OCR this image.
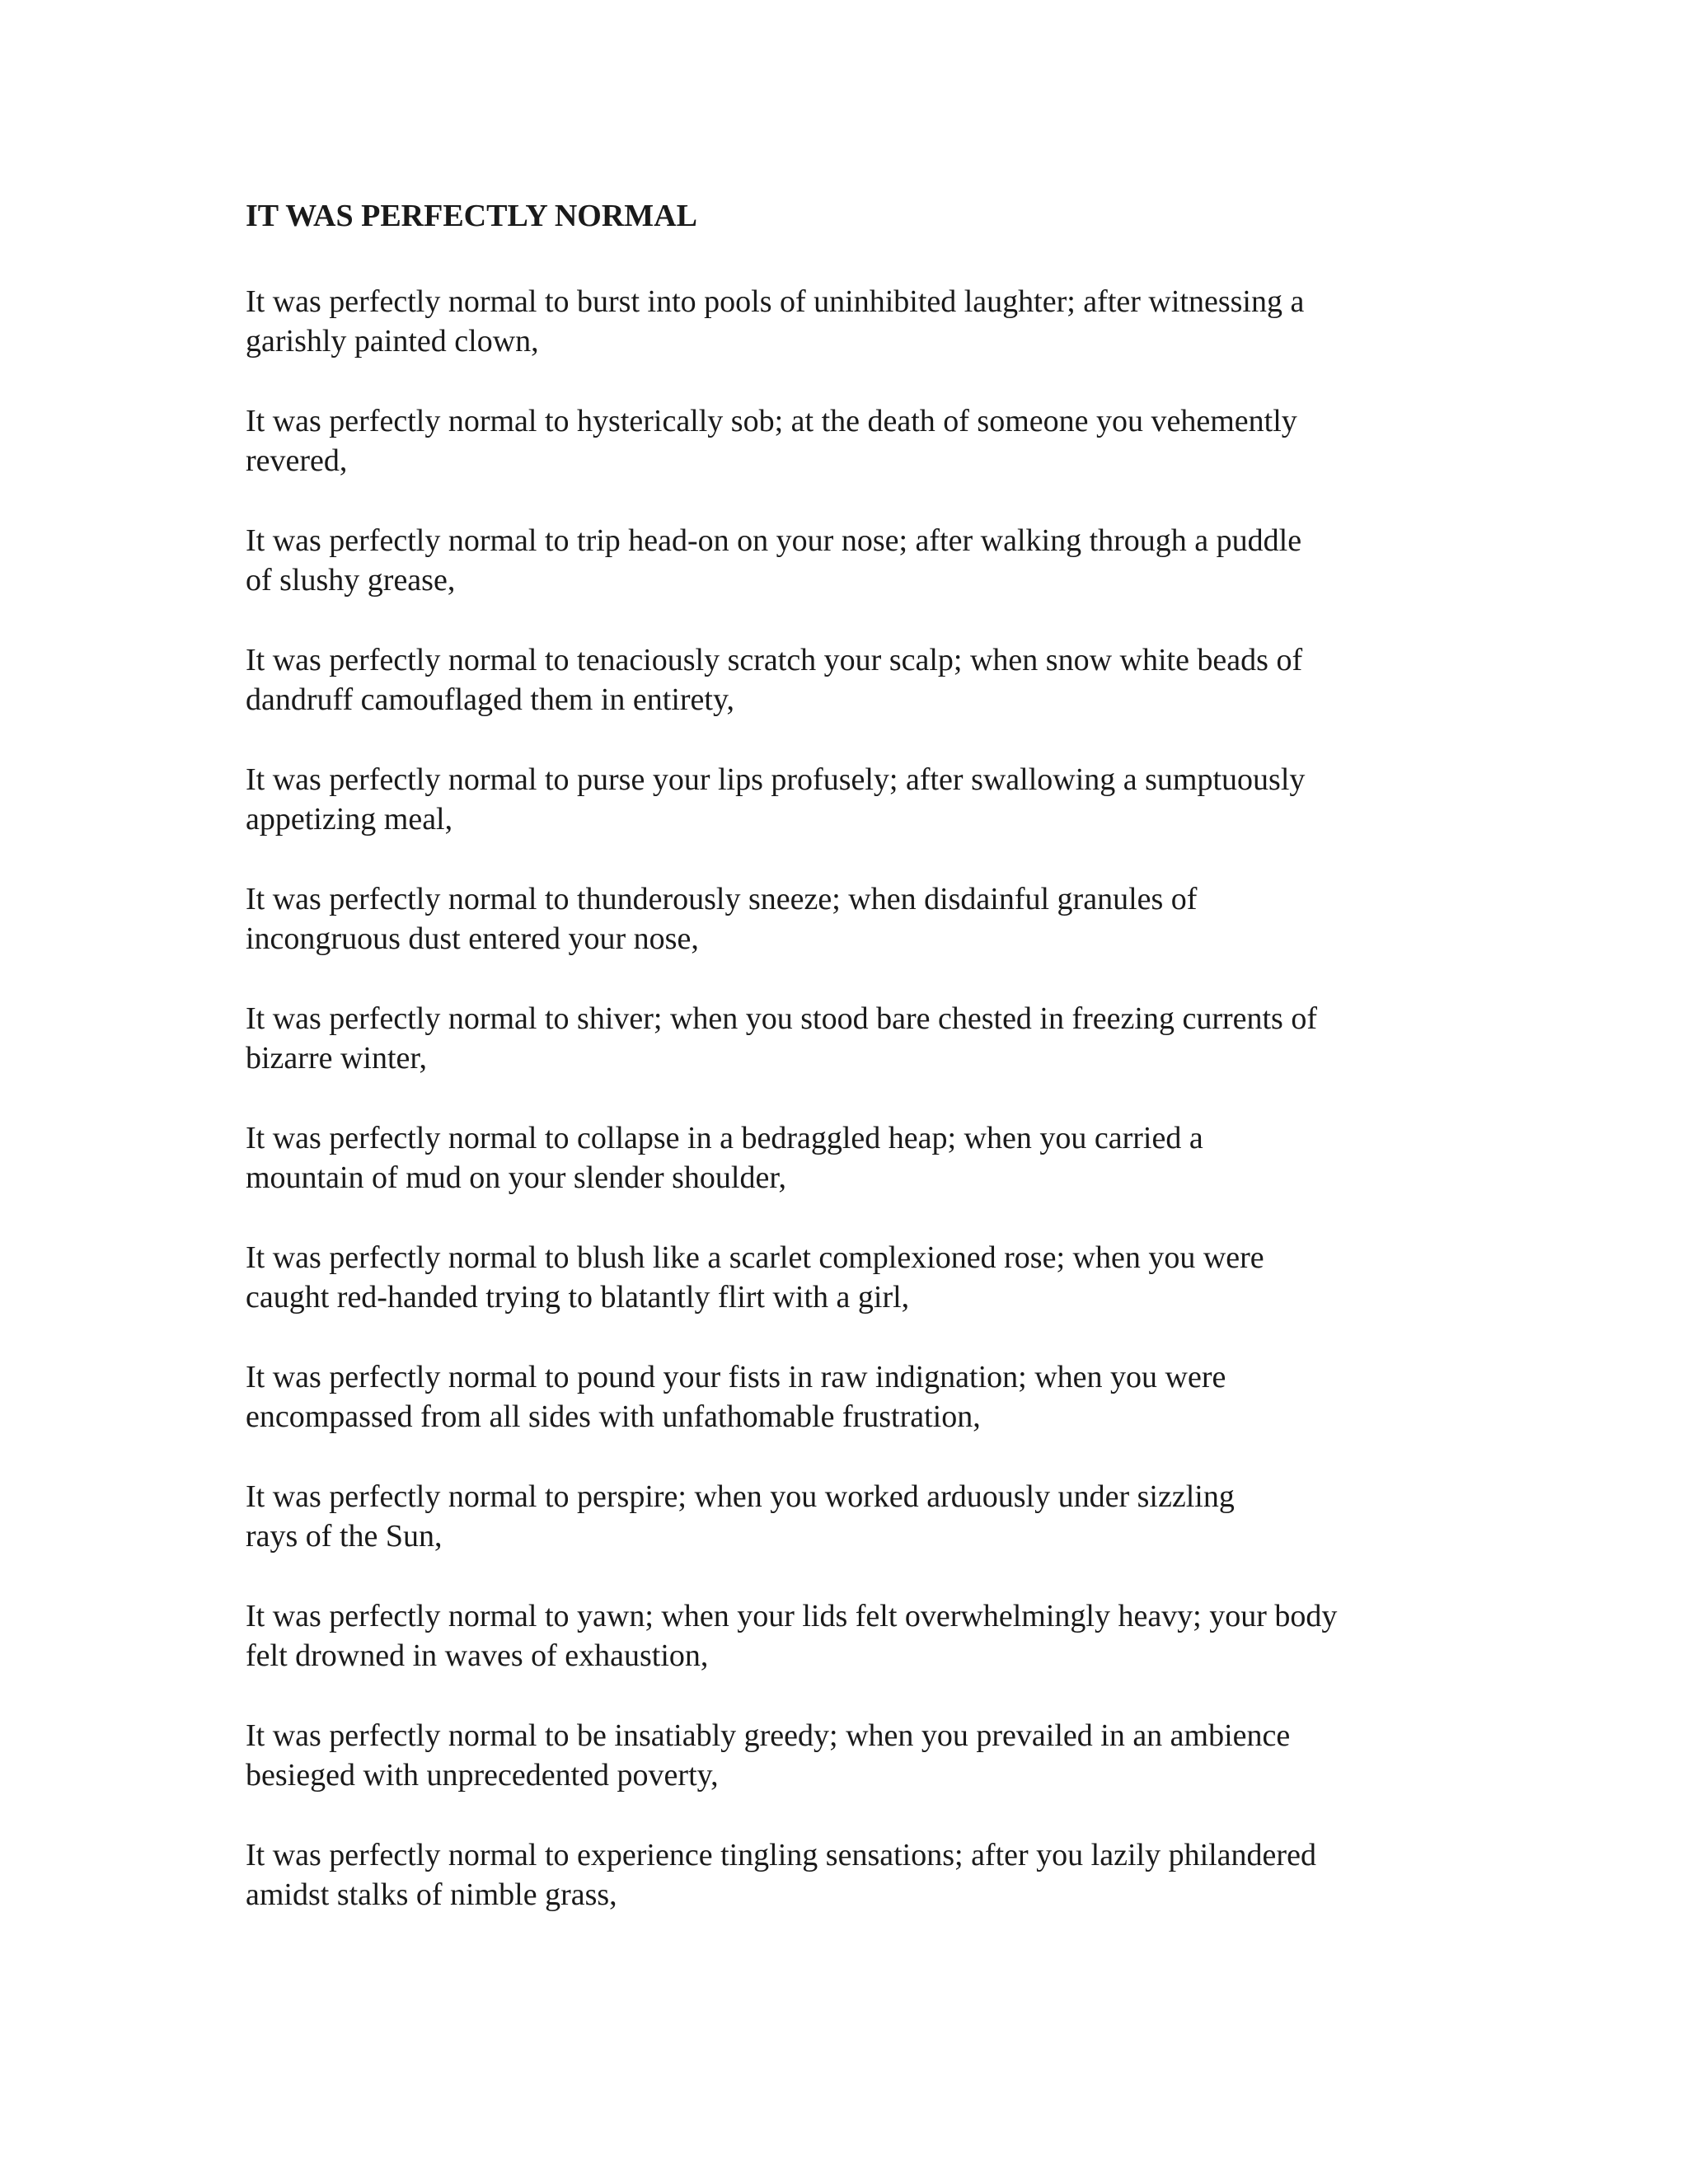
IT WAS PERFECTLY NORMAL

It was perfectly normal to burst into pools of uninhibited laughter; after witnessing a
garishly painted clown,

It was perfectly normal to hysterically sob; at the death of someone you vehemently
revered,

It was perfectly normal to trip head-on on your nose; after walking through a puddle
of slushy grease,

It was perfectly normal to tenaciously scratch your scalp; when snow white beads of
dandruff camouflaged them in entirety,

It was perfectly normal to purse your lips profusely; after swallowing a sumptuously
appetizing meal,

It was perfectly normal to thunderously sneeze; when disdainful granules of
incongruous dust entered your nose,

It was perfectly normal to shiver; when you stood bare chested in freezing currents of
bizarre winter,

It was perfectly normal to collapse in a bedraggled heap; when you carried a
mountain of mud on your slender shoulder,

It was perfectly normal to blush like a scarlet complexioned rose; when you were
caught red-handed trying to blatantly flirt with a girl,

It was perfectly normal to pound your fists in raw indignation; when you were
encompassed from all sides with unfathomable frustration,

It was perfectly normal to perspire; when you worked arduously under sizzling
rays of the Sun,

It was perfectly normal to yawn; when your lids felt overwhelmingly heavy; your body
felt drowned in waves of exhaustion,

It was perfectly normal to be insatiably greedy; when you prevailed in an ambience
besieged with unprecedented poverty,

It was perfectly normal to experience tingling sensations; after you lazily philandered
amidst stalks of nimble grass,
